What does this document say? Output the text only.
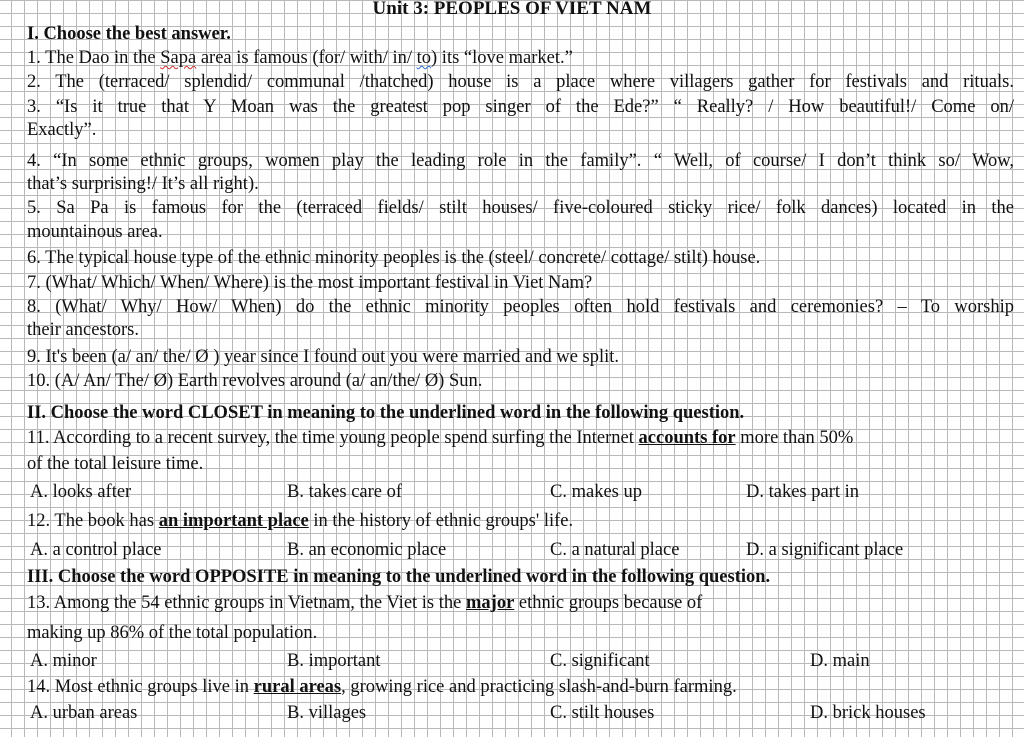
Unit 3: PEOPLES OF VIET NAM
I. Choose the best answer.
1. The Dao in the Sapa area is famous (for/ with/ in/ to) its “love market.”
2. The (terraced/ splendid/ communal /thatched) house is a place where villagers gather for festivals and rituals.
3. “Is it true that Y Moan was the greatest pop singer of the Ede?” “ Really? / How beautiful!/ Come on/
Exactly”.
4. “In some ethnic groups, women play the leading role in the family”. “ Well, of course/ I don’t think so/ Wow,
that’s surprising!/ It’s all right).
5. Sa Pa is famous for the (terraced fields/ stilt houses/ five-coloured sticky rice/ folk dances) located in the
mountainous area.
6. The typical house type of the ethnic minority peoples is the (steel/ concrete/ cottage/ stilt) house.
7. (What/ Which/ When/ Where) is the most important festival in Viet Nam?
8. (What/ Why/ How/ When) do the ethnic minority peoples often hold festivals and ceremonies? – To worship
their ancestors.
9. It's been (a/ an/ the/ Ø ) year since I found out you were married and we split.
10. (A/ An/ The/ Ø) Earth revolves around (a/ an/the/ Ø) Sun.
II. Choose the word CLOSET in meaning to the underlined word in the following question.
11. According to a recent survey, the time young people spend surfing the Internet accounts for more than 50%
of the total leisure time.
A. looks after	B. takes care of	C. makes up	D. takes part in
12. The book has an important place in the history of ethnic groups' life.
A. a control place	B. an economic place	C. a natural place	D. a significant place
III. Choose the word OPPOSITE in meaning to the underlined word in the following question.
13. Among the 54 ethnic groups in Vietnam, the Viet is the major ethnic groups because of
making up 86% of the total population.
A. minor	B. important	C. significant	D. main
14. Most ethnic groups live in rural areas, growing rice and practicing slash-and-burn farming.
A. urban areas	B. villages	C. stilt houses	D. brick houses
